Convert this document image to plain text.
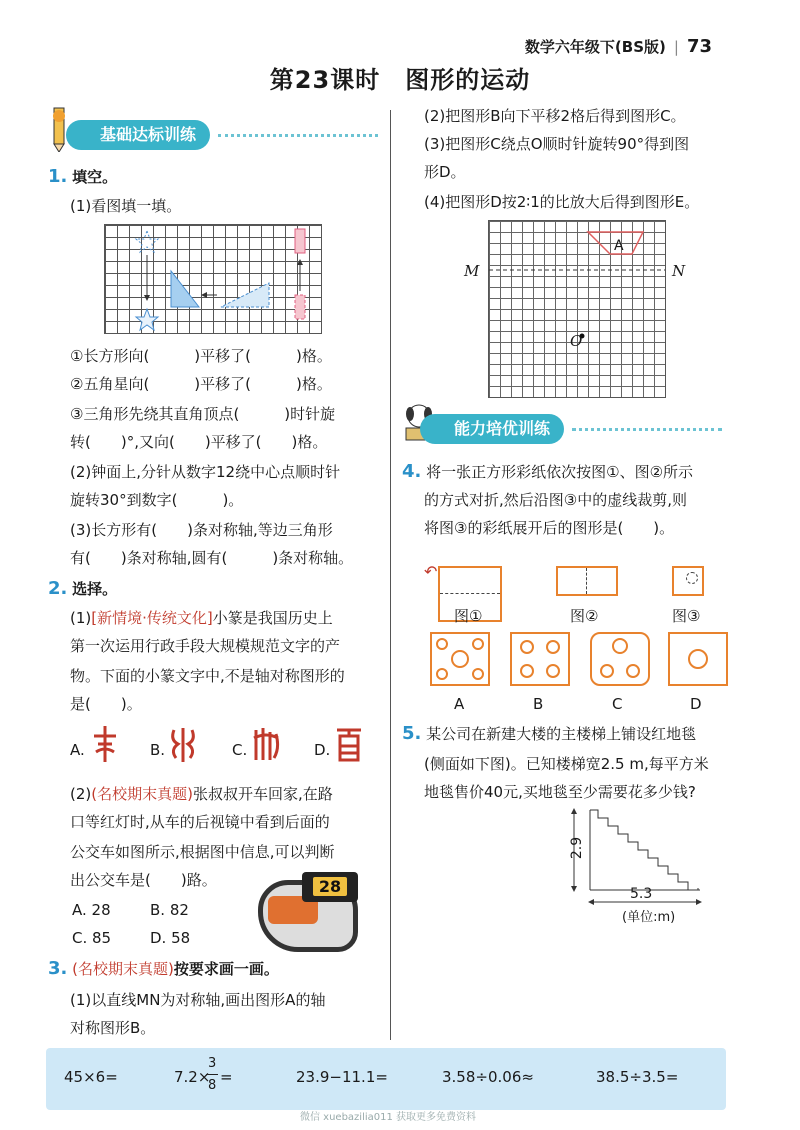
数学六年级下(BS版) | 73
第23课时　图形的运动
基础达标训练
1. 填空。
(1)看图填一填。
①长方形向(　　　)平移了(　　　)格。
②五角星向(　　　)平移了(　　　)格。
③三角形先绕其直角顶点(　　　)时针旋
转(　　)°,又向(　　)平移了(　　)格。
(2)钟面上,分针从数字12绕中心点顺时针
旋转30°到数字(　　　)。
(3)长方形有(　　)条对称轴,等边三角形
有(　　)条对称轴,圆有(　　　)条对称轴。
2. 选择。
(1)[新情境·传统文化]小篆是我国历史上
第一次运用行政手段大规模规范文字的产
物。下面的小篆文字中,不是轴对称图形的
是(　　)。
A.	B.	C.	D.
(2)(名校期末真题)张叔叔开车回家,在路
口等红灯时,从车的后视镜中看到后面的
公交车如图所示,根据图中信息,可以判断
出公交车是(　　)路。
A. 28	B. 82
C. 85	D. 58
28
3. (名校期末真题)按要求画一画。
(1)以直线MN为对称轴,画出图形A的轴
对称图形B。
(2)把图形B向下平移2格后得到图形C。
(3)把图形C绕点O顺时针旋转90°得到图
形D。
(4)把图形D按2∶1的比放大后得到图形E。
A
M	N
O
能力培优训练
4. 将一张正方形彩纸依次按图①、图②所示
的方式对折,然后沿图③中的虚线裁剪,则
将图③的彩纸展开后的图形是(　　)。
↶
图①	图②	图③
A	B	C	D
5. 某公司在新建大楼的主楼梯上铺设红地毯
(侧面如下图)。已知楼梯宽2.5 m,每平方米
地毯售价40元,买地毯至少需要花多少钱?
2.9
5.3
(单位:m)
45×6=	7.2×
3
8 =	23.9−11.1=	3.58÷0.06≈	38.5÷3.5=
微信 xuebazilia011 获取更多免费资料
